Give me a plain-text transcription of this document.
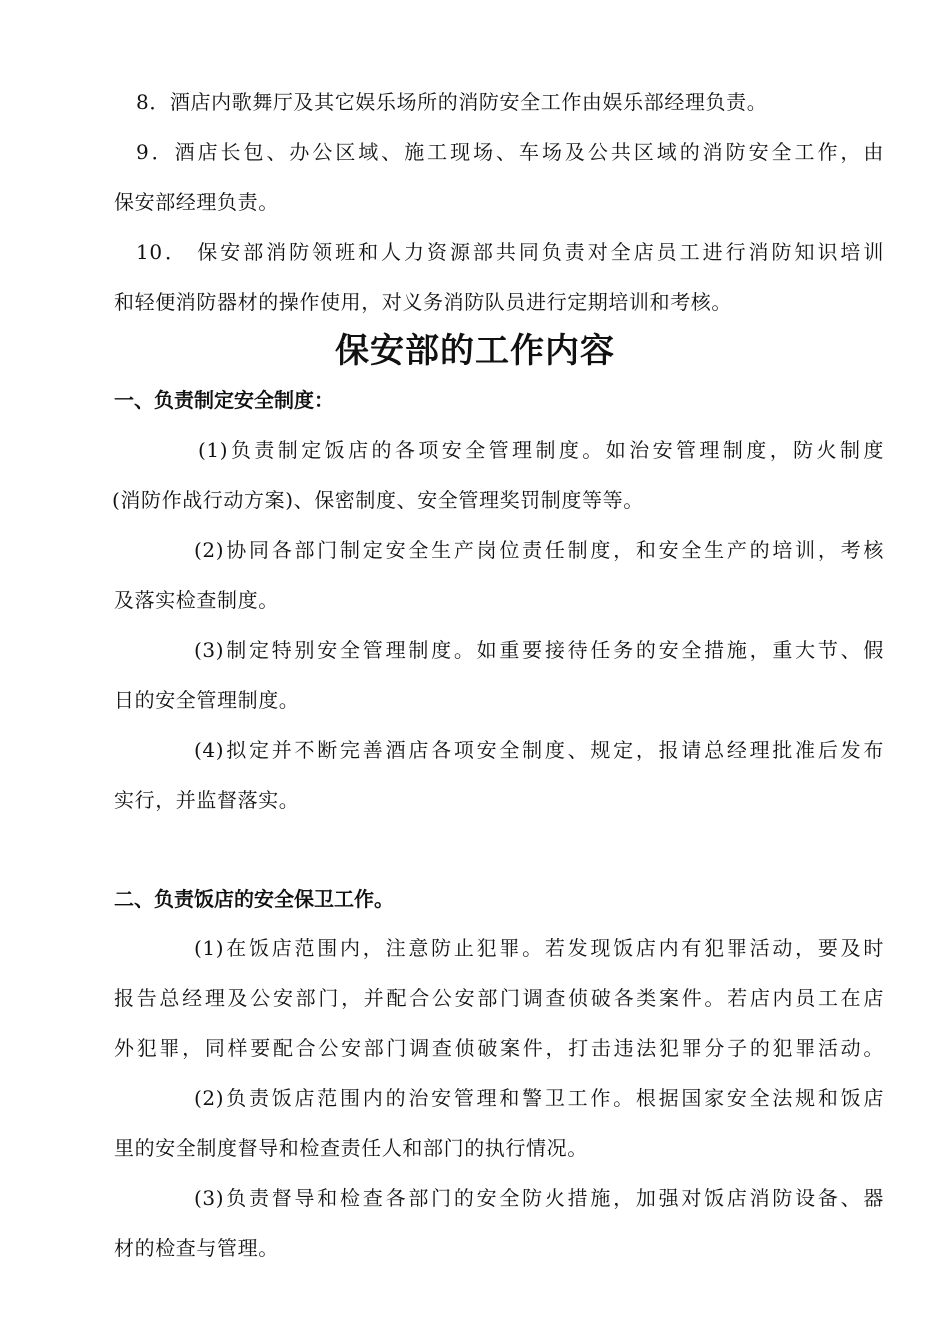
8．酒店内歌舞厅及其它娱乐场所的消防安全工作由娱乐部经理负责。
9．酒店长包、办公区域、施工现场、车场及公共区域的消防安全工作，由
保安部经理负责。
10． 保安部消防领班和人力资源部共同负责对全店员工进行消防知识培训
和轻便消防器材的操作使用，对义务消防队员进行定期培训和考核。
保安部的工作内容
一、负责制定安全制度：
(1)负责制定饭店的各项安全管理制度。如治安管理制度，防火制度
(消防作战行动方案)、保密制度、安全管理奖罚制度等等。
(2)协同各部门制定安全生产岗位责任制度，和安全生产的培训，考核
及落实检查制度。
(3)制定特别安全管理制度。如重要接待任务的安全措施，重大节、假
日的安全管理制度。
(4)拟定并不断完善酒店各项安全制度、规定，报请总经理批准后发布
实行，并监督落实。
二、负责饭店的安全保卫工作。
(1)在饭店范围内，注意防止犯罪。若发现饭店内有犯罪活动，要及时
报告总经理及公安部门，并配合公安部门调查侦破各类案件。若店内员工在店
外犯罪，同样要配合公安部门调查侦破案件，打击违法犯罪分子的犯罪活动。
(2)负责饭店范围内的治安管理和警卫工作。根据国家安全法规和饭店
里的安全制度督导和检查责任人和部门的执行情况。
(3)负责督导和检查各部门的安全防火措施，加强对饭店消防设备、器
材的检查与管理。
